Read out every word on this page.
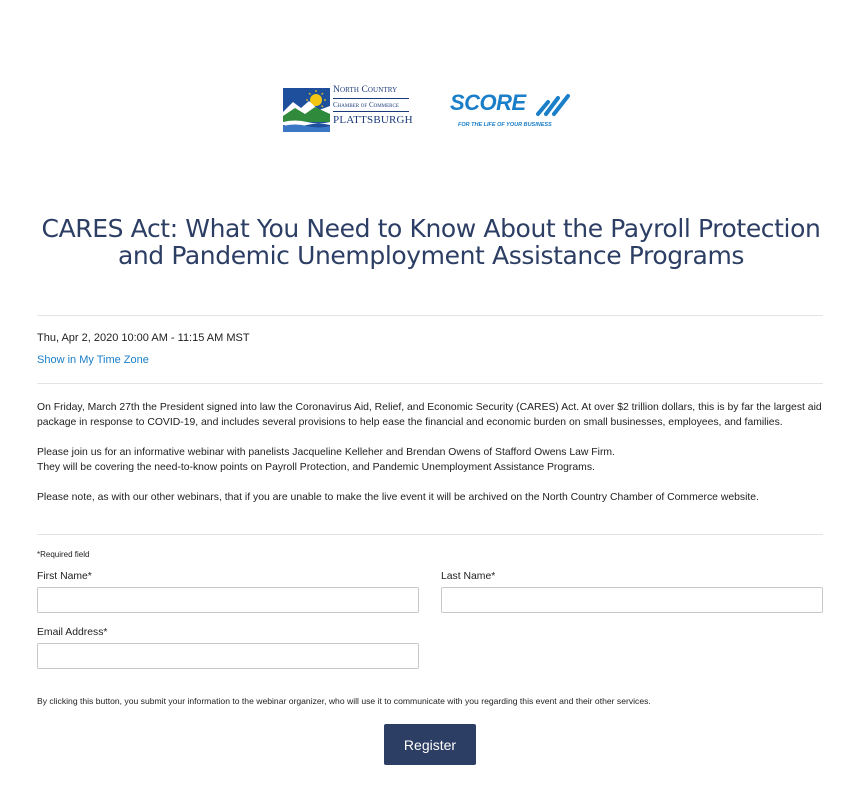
North Country
Chamber of Commerce
PLATTSBURGH
SCORE
FOR THE LIFE OF YOUR BUSINESS
CARES Act: What You Need to Know About the Payroll Protection and Pandemic Unemployment Assistance Programs
Thu, Apr 2, 2020 10:00 AM - 11:15 AM MST
Show in My Time Zone

On Friday, March 27th the President signed into law the Coronavirus Aid, Relief, and Economic Security (CARES) Act. At over $2 trillion dollars, this is by far the largest aid package in response to COVID-19, and includes several provisions to help ease the financial and economic burden on small businesses, employees, and families.

Please join us for an informative webinar with panelists Jacqueline Kelleher and Brendan Owens of Stafford Owens Law Firm.
They will be covering the need-to-know points on Payroll Protection, and Pandemic Unemployment Assistance Programs.

Please note, as with our other webinars, that if you are unable to make the live event it will be archived on the North Country Chamber of Commerce website.

*Required field
First Name*	Last Name*
Email Address*
By clicking this button, you submit your information to the webinar organizer, who will use it to communicate with you regarding this event and their other services.
Register
